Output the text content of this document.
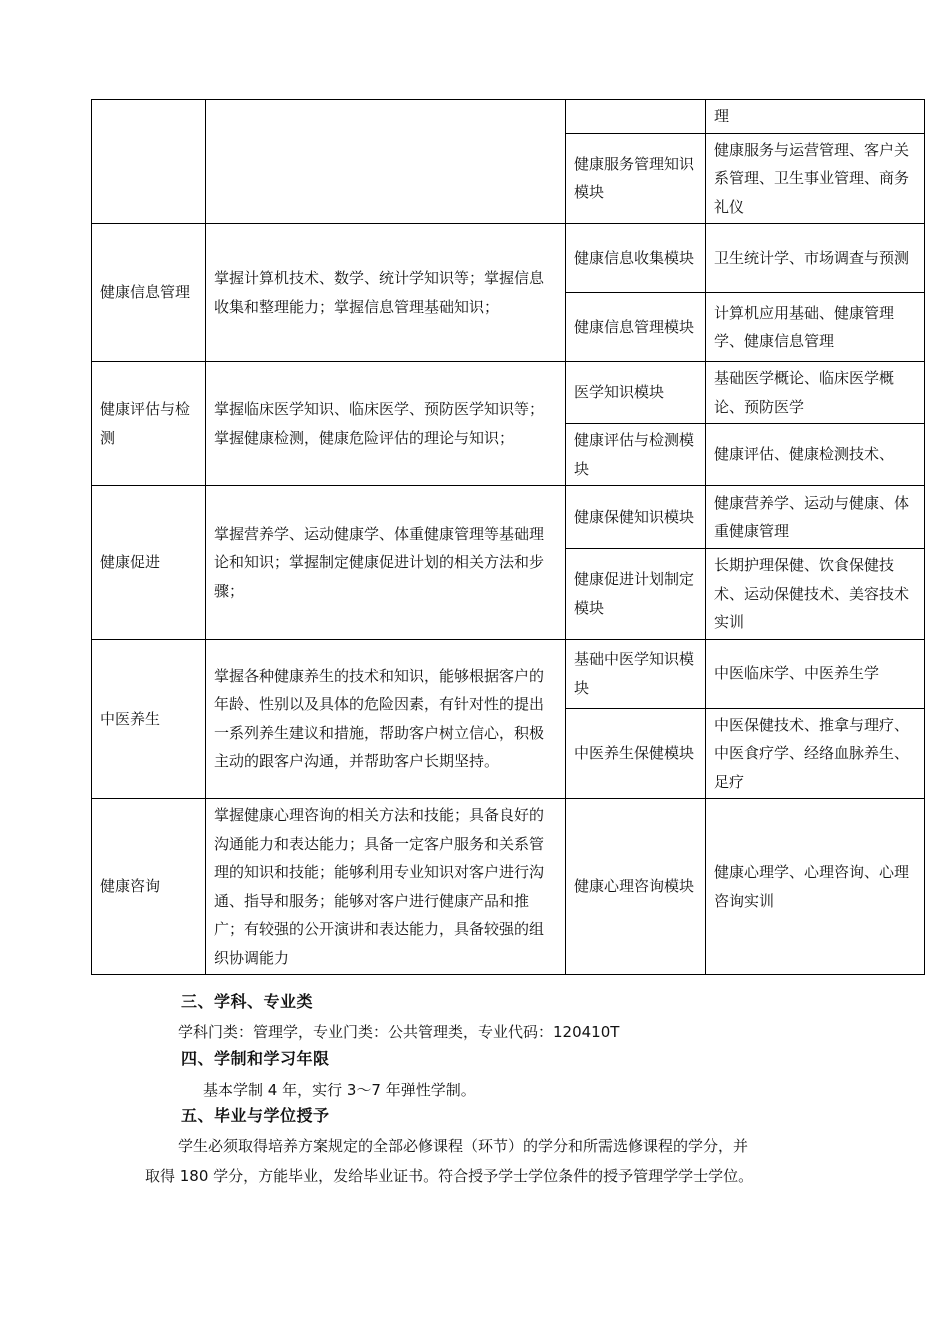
			理
		健康服务管理知识模块	健康服务与运营管理、客户关系管理、卫生事业管理、商务礼仪
健康信息管理	掌握计算机技术、数学、统计学知识等；掌握信息收集和整理能力；掌握信息管理基础知识；	健康信息收集模块	卫生统计学、市场调查与预测
		健康信息管理模块	计算机应用基础、健康管理学、健康信息管理
健康评估与检测	掌握临床医学知识、临床医学、预防医学知识等；掌握健康检测，健康危险评估的理论与知识；	医学知识模块	基础医学概论、临床医学概论、预防医学
		健康评估与检测模块	健康评估、健康检测技术、
健康促进	掌握营养学、运动健康学、体重健康管理等基础理论和知识；掌握制定健康促进计划的相关方法和步骤；	健康保健知识模块	健康营养学、运动与健康、体重健康管理
		健康促进计划制定模块	长期护理保健、饮食保健技术、运动保健技术、美容技术实训
中医养生	掌握各种健康养生的技术和知识，能够根据客户的年龄、性别以及具体的危险因素，有针对性的提出一系列养生建议和措施，帮助客户树立信心，积极主动的跟客户沟通，并帮助客户长期坚持。	基础中医学知识模块	中医临床学、中医养生学
		中医养生保健模块	中医保健技术、推拿与理疗、中医食疗学、经络血脉养生、足疗
健康咨询	掌握健康心理咨询的相关方法和技能；具备良好的沟通能力和表达能力；具备一定客户服务和关系管理的知识和技能；能够利用专业知识对客户进行沟通、指导和服务；能够对客户进行健康产品和推广；有较强的公开演讲和表达能力，具备较强的组织协调能力	健康心理咨询模块	健康心理学、心理咨询、心理咨询实训
三、学科、专业类
学科门类：管理学，专业门类：公共管理类，专业代码：120410T
四、学制和学习年限
基本学制 4 年，实行 3～7 年弹性学制。
五、毕业与学位授予
学生必须取得培养方案规定的全部必修课程（环节）的学分和所需选修课程的学分，并
取得 180 学分，方能毕业，发给毕业证书。符合授予学士学位条件的授予管理学学士学位。
